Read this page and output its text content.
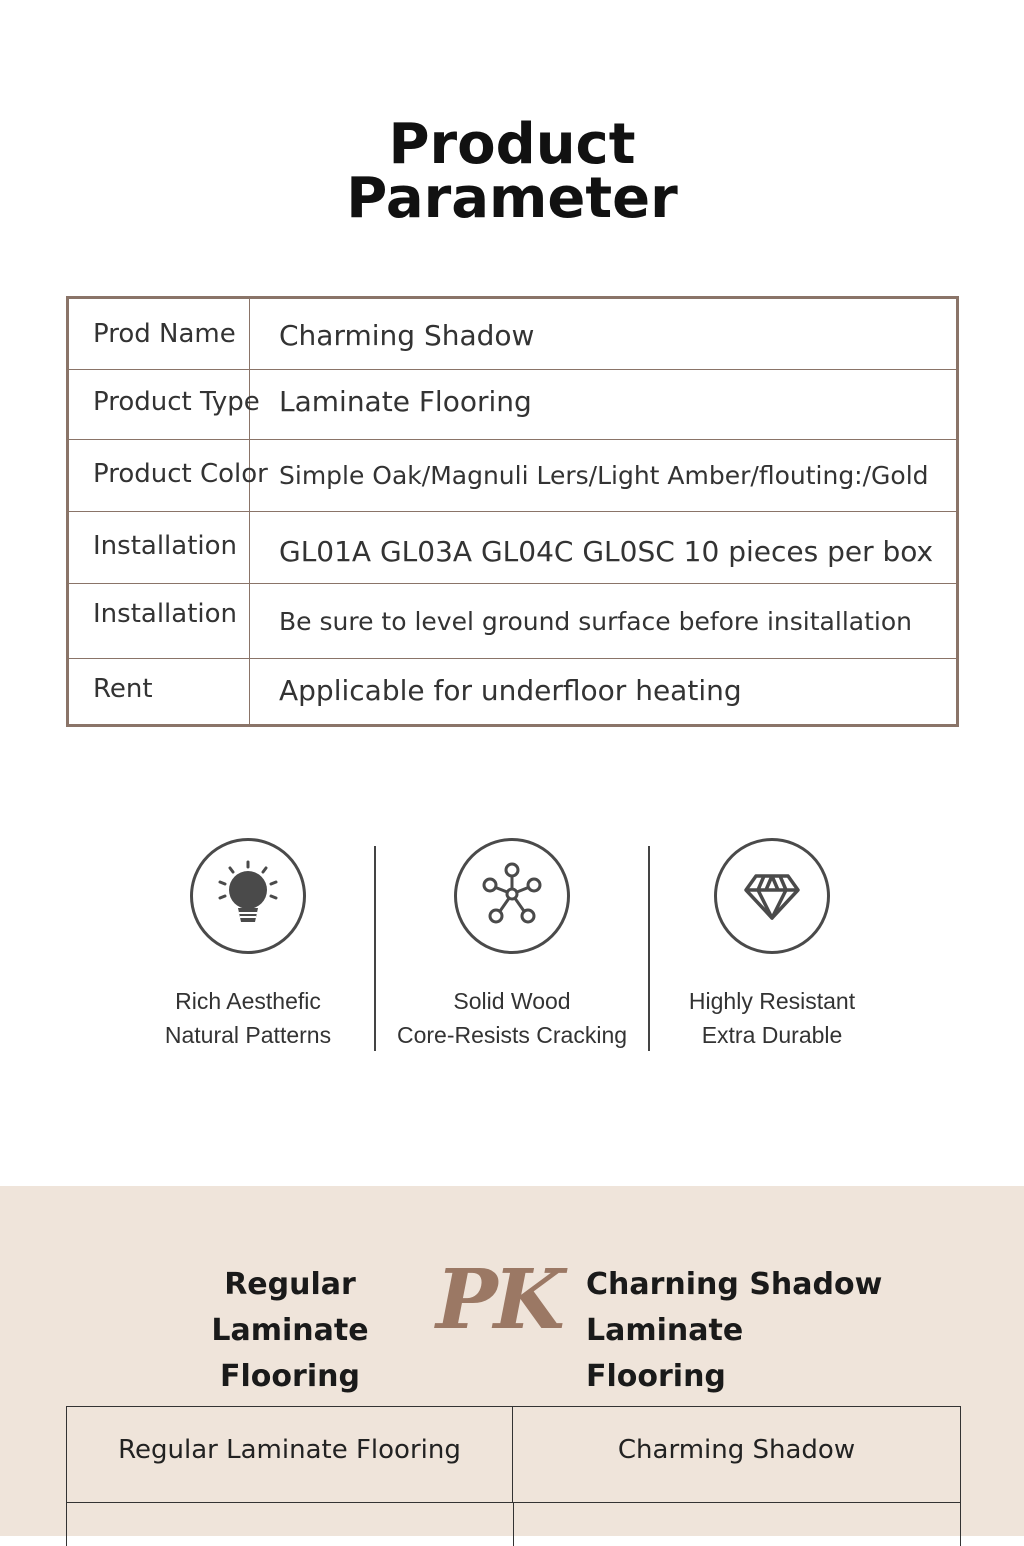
Product
Parameter
Prod Name Charming Shadow
Product Type Laminate Flooring
Product Color Simple Oak/Magnuli Lers/Light Amber/flouting:/Gold
Installation GL01A GL03A GL04C GL0SC 10 pieces per box
Installation Be sure to level ground surface before insitallation
Rent	Applicable for underfloor heating
Rich Aesthefic
Natural Patterns
Solid Wood
Core-Resists Cracking
Highly Resistant
Extra Durable
Regular Laminate
Flooring
PK Charning Shadow
Laminate Flooring
Regular Laminate Flooring	Charming Shadow
